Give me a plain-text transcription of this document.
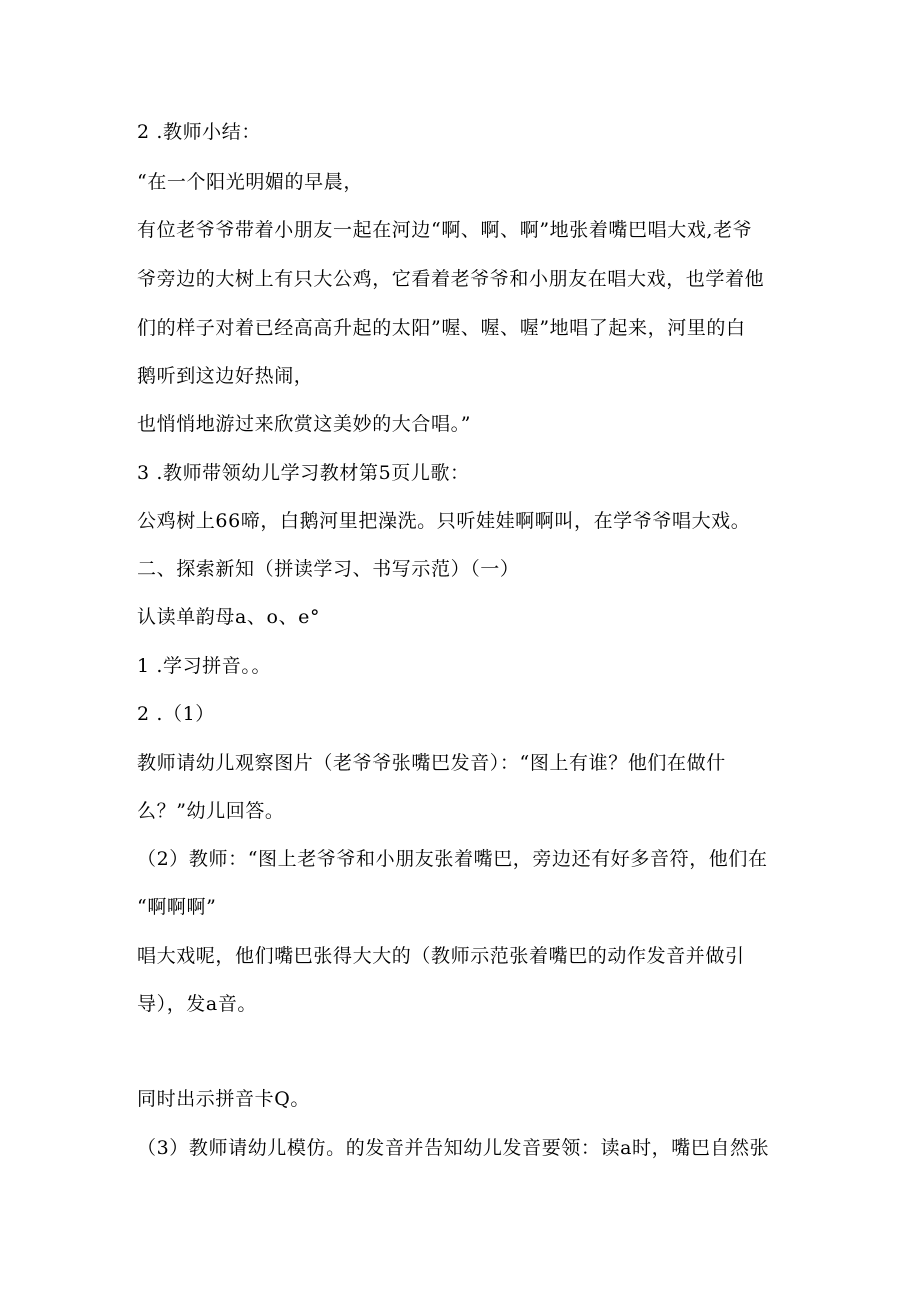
2 .教师小结：
“在一个阳光明媚的早晨，
有位老爷爷带着小朋友一起在河边“啊、啊、啊”地张着嘴巴唱大戏,老爷
爷旁边的大树上有只大公鸡，它看着老爷爷和小朋友在唱大戏，也学着他
们的样子对着已经高高升起的太阳”喔、喔、喔”地唱了起来，河里的白
鹅听到这边好热闹，
也悄悄地游过来欣赏这美妙的大合唱。”
3 .教师带领幼儿学习教材第5页儿歌：
公鸡树上66啼，白鹅河里把澡洗。只听娃娃啊啊叫，在学爷爷唱大戏。
二、探索新知（拼读学习、书写示范）（一）
认读单韵母a、o、e°
1 .学习拼音。。
2 .（1）
教师请幼儿观察图片（老爷爷张嘴巴发音）：“图上有谁？他们在做什
么？”幼儿回答。
（2）教师：“图上老爷爷和小朋友张着嘴巴，旁边还有好多音符，他们在
“啊啊啊”
唱大戏呢，他们嘴巴张得大大的（教师示范张着嘴巴的动作发音并做引
导），发a音。
同时出示拼音卡Q。
（3）教师请幼儿模仿。的发音并告知幼儿发音要领：读a时，嘴巴自然张
